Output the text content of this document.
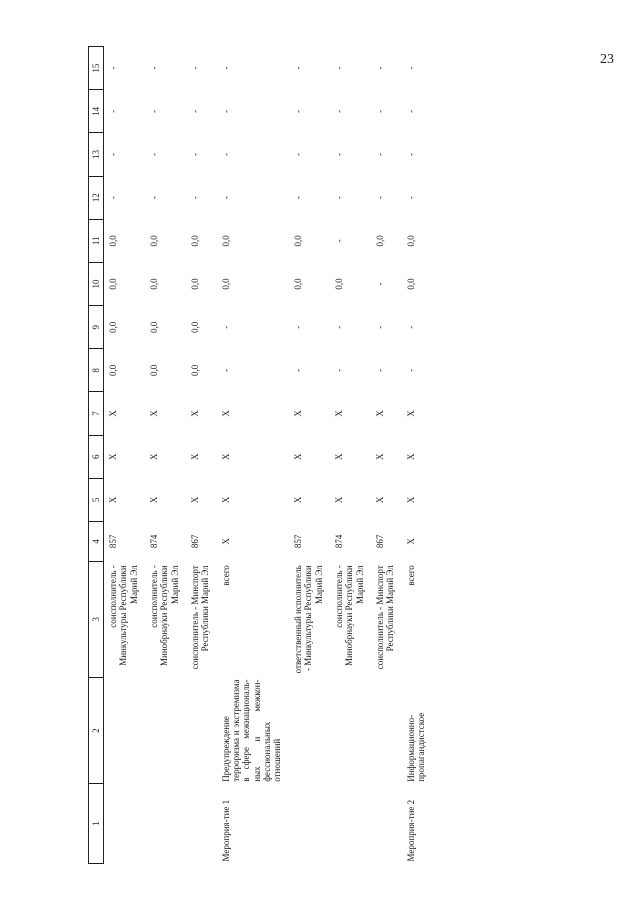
23
1	2	3	4	5	6	7	8	9	10	11	12	13	14	15
		соисполнитель - Минкультуры Республики Марий Эл	857	Х	Х	Х	0,0	0,0	0,0	0,0	-	-	-	-
		соисполнитель - Минобрнауки Республики Марий Эл	874	Х	Х	Х	0,0	0,0	0,0	0,0	-	-	-	-
		соисполнитель - Минспорт Республики Марий Эл	867	Х	Х	Х	0,0	0,0	0,0	0,0	-	-	-	-
Мероприя-тие 1	Предупреждение терроризма и экстремизма в сфере межнациональ-ных и межкон-фессиональных отношений	всего	Х	Х	Х	Х	-	-	0,0	0,0	-	-	-	-
		ответственный исполнитель - Минкультуры Республики Марий Эл	857	Х	Х	Х	-	-	0,0	0,0	-	-	-	-
		соисполнитель - Минобрнауки Республики Марий Эл	874	Х	Х	Х	-	-	0,0	-	-	-	-	-
		соисполнитель - Минспорт Республики Марий Эл	867	Х	Х	Х	-	-	-	0,0	-	-	-	-
Мероприя-тие 2	Информационно-пропагандистское	всего	Х	Х	Х	Х	-	-	0,0	0,0	-	-	-	-
